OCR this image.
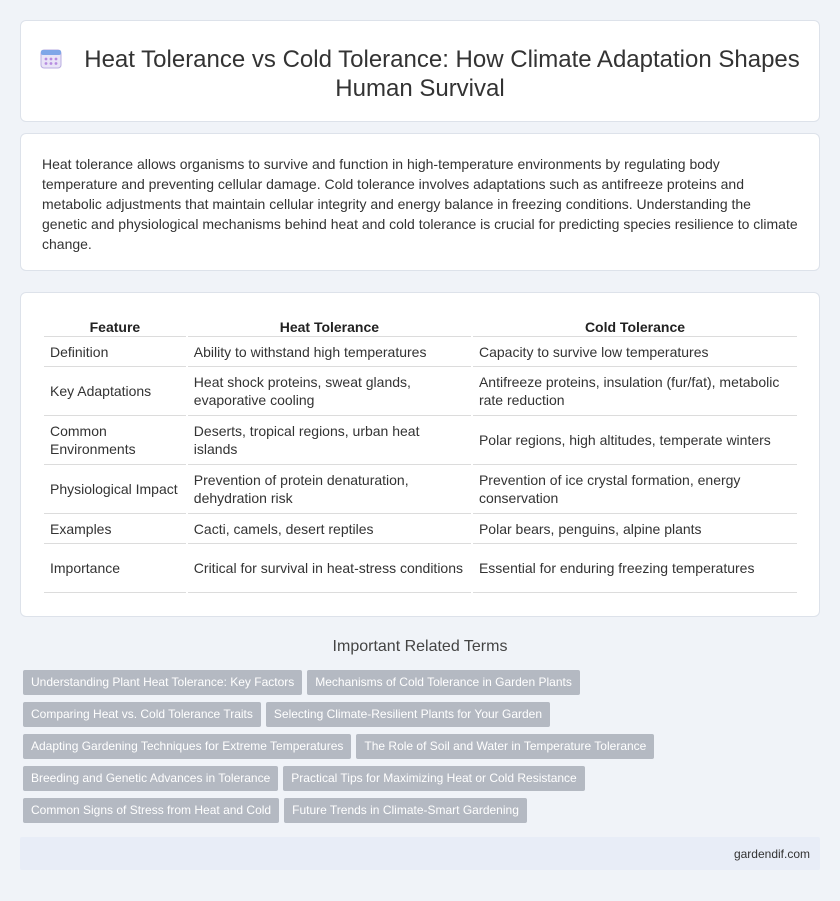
Heat Tolerance vs Cold Tolerance: How Climate Adaptation Shapes Human Survival

Heat tolerance allows organisms to survive and function in high-temperature environments by regulating body temperature and preventing cellular damage. Cold tolerance involves adaptations such as antifreeze proteins and metabolic adjustments that maintain cellular integrity and energy balance in freezing conditions. Understanding the genetic and physiological mechanisms behind heat and cold tolerance is crucial for predicting species resilience to climate change.

Feature	Heat Tolerance	Cold Tolerance
Definition	Ability to withstand high temperatures	Capacity to survive low temperatures
Key Adaptations	Heat shock proteins, sweat glands, evaporative cooling	Antifreeze proteins, insulation (fur/fat), metabolic rate reduction
Common Environments	Deserts, tropical regions, urban heat islands	Polar regions, high altitudes, temperate winters
Physiological Impact	Prevention of protein denaturation, dehydration risk	Prevention of ice crystal formation, energy conservation
Examples	Cacti, camels, desert reptiles	Polar bears, penguins, alpine plants
Importance	Critical for survival in heat-stress conditions	Essential for enduring freezing temperatures
Important Related Terms
Understanding Plant Heat Tolerance: Key Factors Mechanisms of Cold Tolerance in Garden Plants
Comparing Heat vs. Cold Tolerance Traits Selecting Climate-Resilient Plants for Your Garden
Adapting Gardening Techniques for Extreme Temperatures The Role of Soil and Water in Temperature Tolerance
Breeding and Genetic Advances in Tolerance Practical Tips for Maximizing Heat or Cold Resistance
Common Signs of Stress from Heat and Cold Future Trends in Climate-Smart Gardening
gardendif.com
